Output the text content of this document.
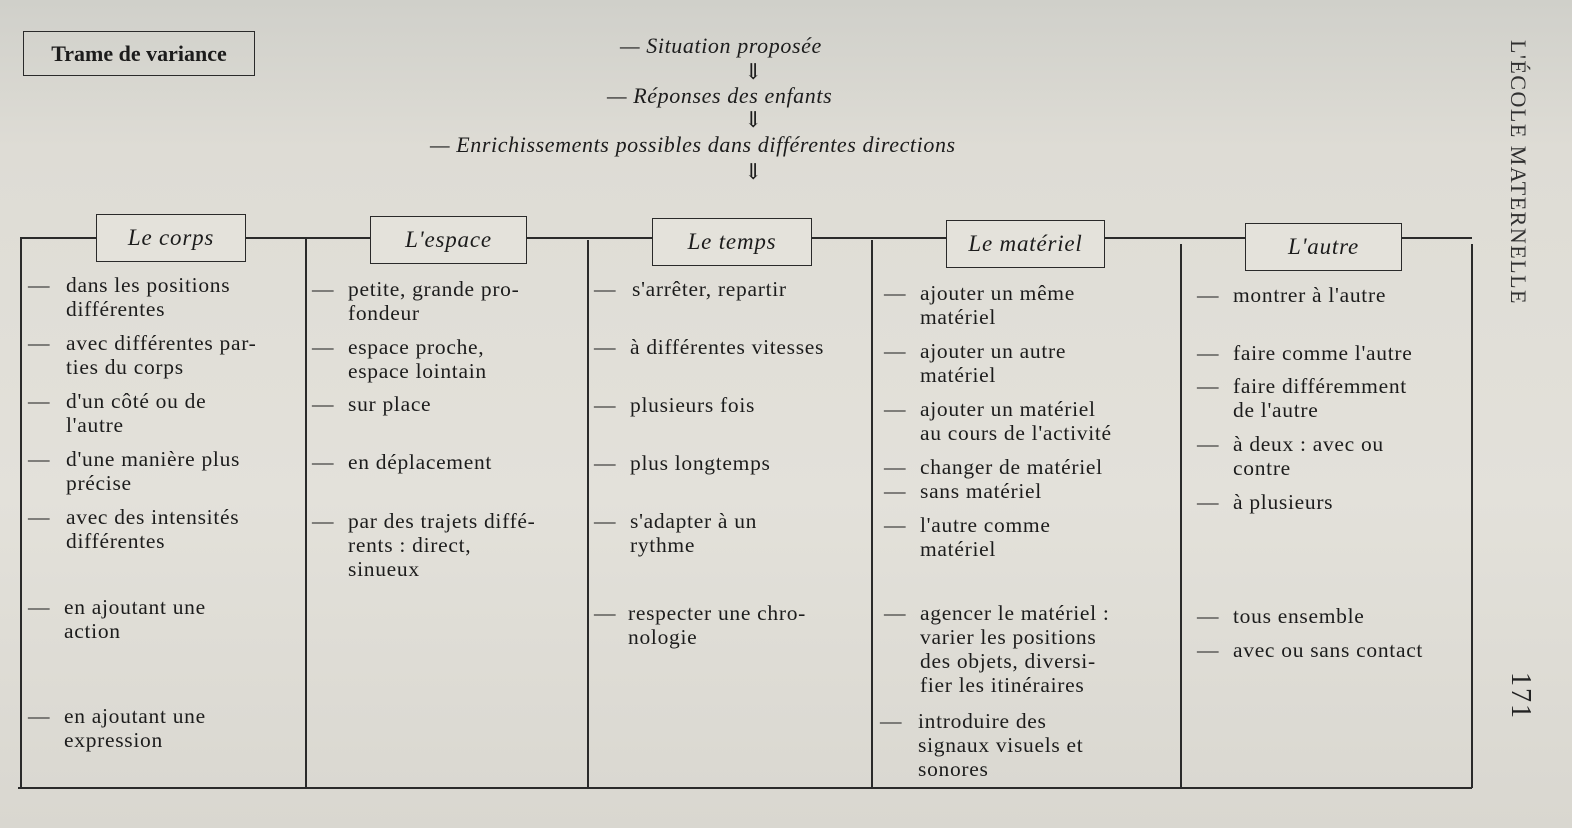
Trame de variance	— Situation proposée
⇓
— Réponses des enfants
⇓
— Enrichissements possibles dans différentes directions
⇓
Le corps	L'espace	Le temps	Le matériel	L'autre
— dans les positions
différentes
— avec différentes par-
ties du corps
— d'un côté ou de
l'autre
— d'une manière plus
précise
— avec des intensités
différentes
— en ajoutant une
action
— en ajoutant une
expression
— petite, grande pro-
fondeur
— espace proche,
espace lointain
— sur place
— en déplacement
— par des trajets diffé-
rents : direct,
sinueux
— s'arrêter, repartir
— à différentes vitesses
— plusieurs fois
— plus longtemps
— s'adapter à un
rythme
— respecter une chro-
nologie
— ajouter un même
matériel
— ajouter un autre
matériel
— ajouter un matériel
au cours de l'activité
—
—
changer de matériel
sans matériel
— l'autre comme
matériel
— agencer le matériel :
varier les positions
des objets, diversi-
fier les itinéraires
— introduire des
signaux visuels et
sonores
— montrer à l'autre
— faire comme l'autre
— faire différemment
de l'autre
— à deux : avec ou
contre
— à plusieurs
— tous ensemble
— avec ou sans contact
L'ÉCOLE MATERNELLE
171
